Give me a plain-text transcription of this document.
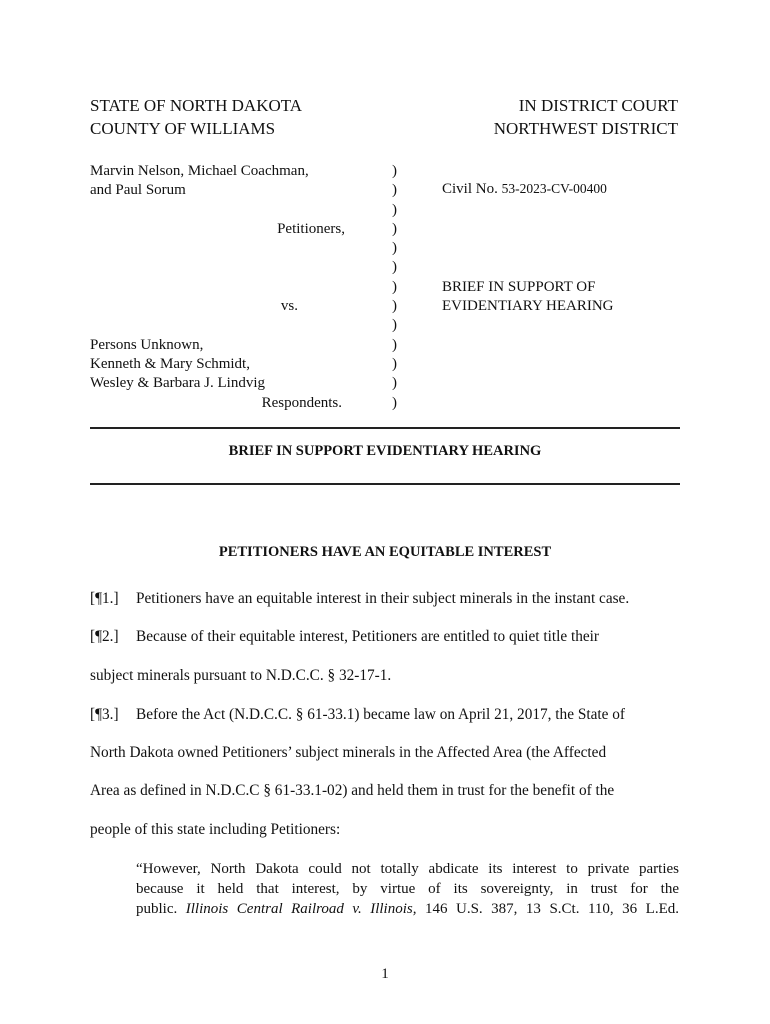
STATE OF NORTH DAKOTA
COUNTY OF WILLIAMS
IN DISTRICT COURT
NORTHWEST DISTRICT
Marvin Nelson, Michael Coachman,
and Paul Sorum
Petitioners,
vs.
Persons Unknown,
Kenneth & Mary Schmidt,
Wesley & Barbara J. Lindvig
Respondents.
)
)
)
)
)
)
)
)
)
)
)
)
)
Civil No. 53-2023-CV-00400
BRIEF IN SUPPORT OF
EVIDENTIARY HEARING
BRIEF IN SUPPORT EVIDENTIARY HEARING
PETITIONERS HAVE AN EQUITABLE INTEREST
[¶1.] Petitioners have an equitable interest in their subject minerals in the instant case.
[¶2.] Because of their equitable interest, Petitioners are entitled to quiet title their
subject minerals pursuant to N.D.C.C. § 32-17-1.
[¶3.] Before the Act (N.D.C.C. § 61-33.1) became law on April 21, 2017, the State of
North Dakota owned Petitioners’ subject minerals in the Affected Area (the Affected
Area as defined in N.D.C.C § 61-33.1-02) and held them in trust for the benefit of the
people of this state including Petitioners:
“However, North Dakota could not totally abdicate its interest to private parties
because it held that interest, by virtue of its sovereignty, in trust for the
public. Illinois Central Railroad v. Illinois, 146 U.S. 387, 13 S.Ct. 110, 36 L.Ed.
1
